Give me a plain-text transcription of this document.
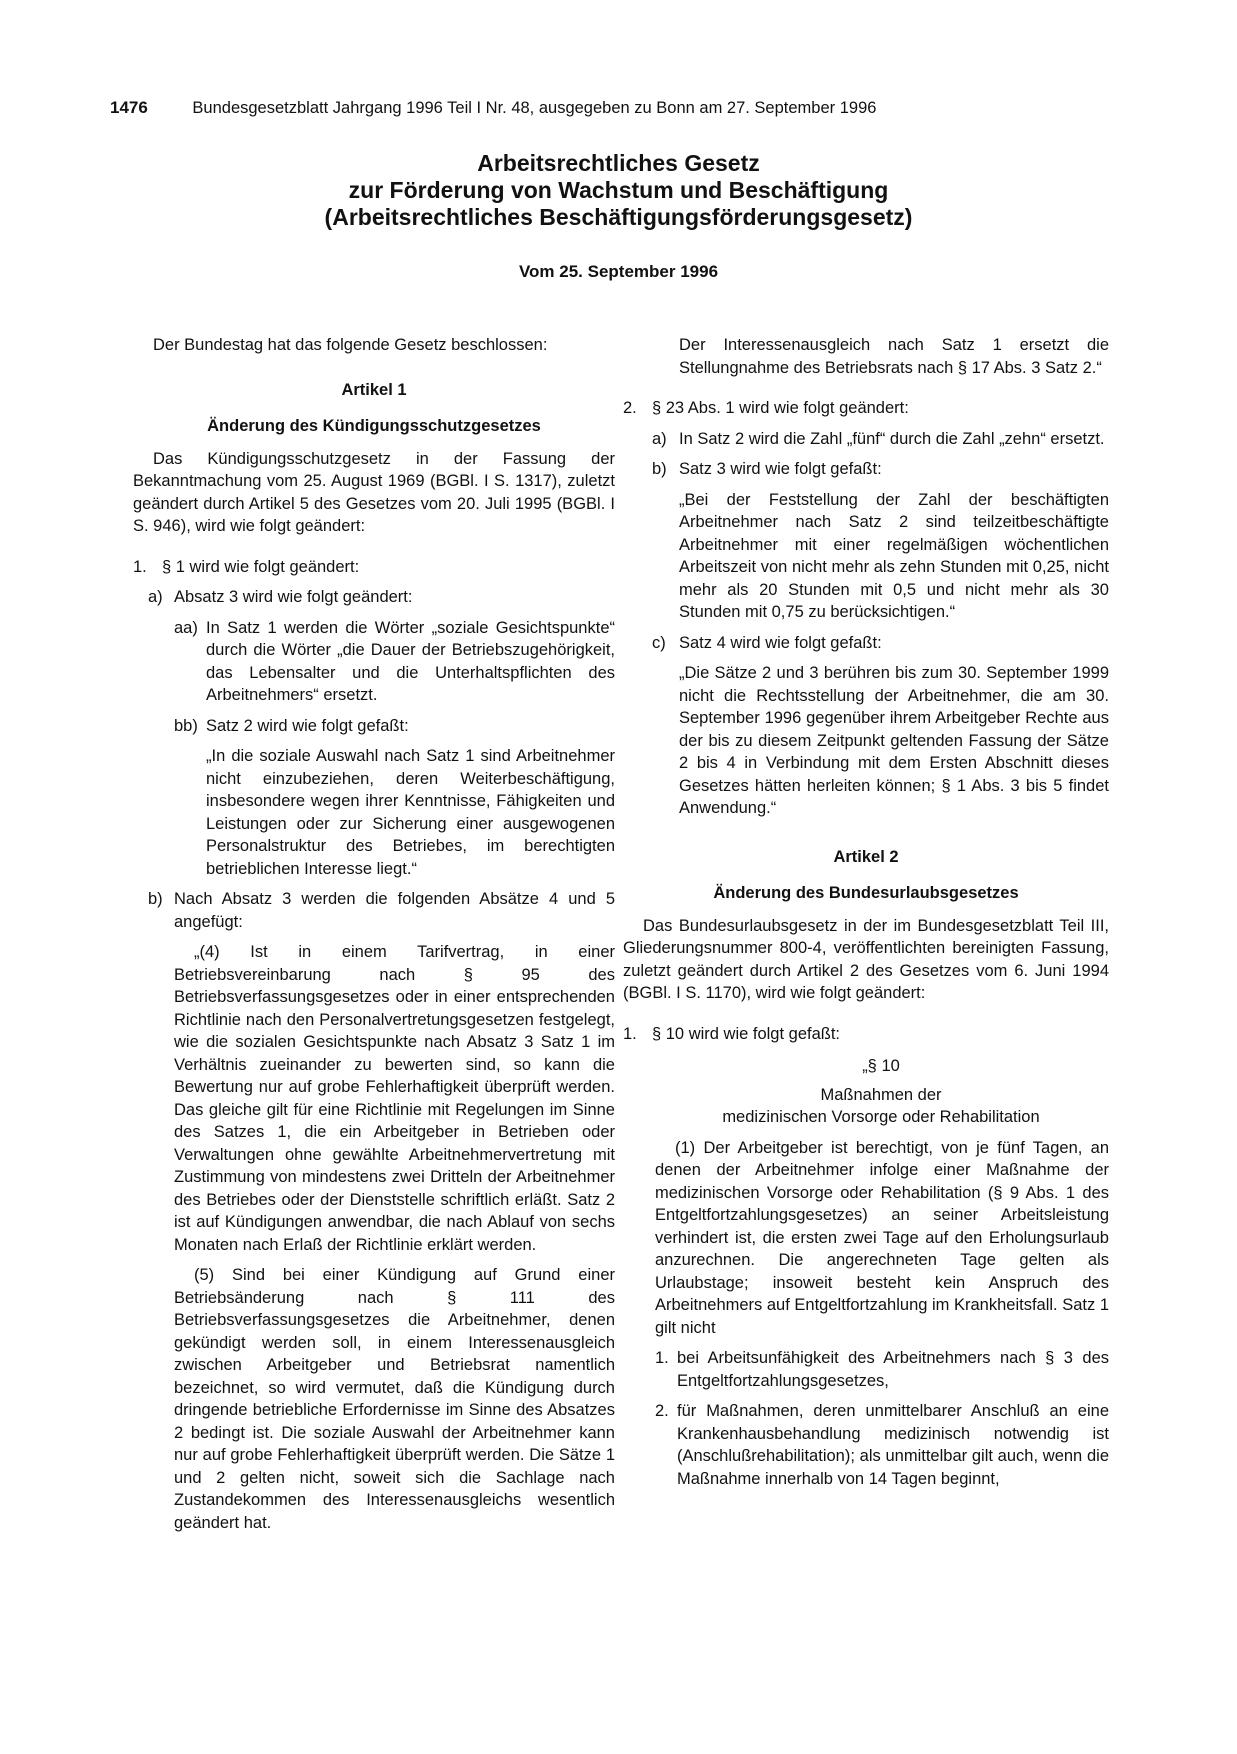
1476	Bundesgesetzblatt Jahrgang 1996 Teil I Nr. 48, ausgegeben zu Bonn am 27. September 1996
Arbeitsrechtliches Gesetz
zur Förderung von Wachstum und Beschäftigung
(Arbeitsrechtliches Beschäftigungsförderungsgesetz)
Vom 25. September 1996

Der Bundestag hat das folgende Gesetz beschlossen:

Artikel 1

Änderung des Kündigungsschutzgesetzes

Das Kündigungsschutzgesetz in der Fassung der Bekanntmachung vom 25. August 1969 (BGBl. I S. 1317), zuletzt geändert durch Artikel 5 des Gesetzes vom 20. Juli 1995 (BGBl. I S. 946), wird wie folgt geändert:

1. § 1 wird wie folgt geändert:
a) Absatz 3 wird wie folgt geändert:
aa) In Satz 1 werden die Wörter „soziale Gesichtspunkte“ durch die Wörter „die Dauer der Betriebszugehörigkeit, das Lebensalter und die Unterhaltspflichten des Arbeitnehmers“ ersetzt.
bb) Satz 2 wird wie folgt gefaßt:

„In die soziale Auswahl nach Satz 1 sind Arbeitnehmer nicht einzubeziehen, deren Weiterbeschäftigung, insbesondere wegen ihrer Kenntnisse, Fähigkeiten und Leistungen oder zur Sicherung einer ausgewogenen Personalstruktur des Betriebes, im berechtigten betrieblichen Interesse liegt.“

b) Nach Absatz 3 werden die folgenden Absätze 4 und 5 angefügt:

„(4) Ist in einem Tarifvertrag, in einer Betriebsvereinbarung nach § 95 des Betriebsverfassungsgesetzes oder in einer entsprechenden Richtlinie nach den Personalvertretungsgesetzen festgelegt, wie die sozialen Gesichtspunkte nach Absatz 3 Satz 1 im Verhältnis zueinander zu bewerten sind, so kann die Bewertung nur auf grobe Fehlerhaftigkeit überprüft werden. Das gleiche gilt für eine Richtlinie mit Regelungen im Sinne des Satzes 1, die ein Arbeitgeber in Betrieben oder Verwaltungen ohne gewählte Arbeitnehmervertretung mit Zustimmung von mindestens zwei Dritteln der Arbeitnehmer des Betriebes oder der Dienststelle schriftlich erläßt. Satz 2 ist auf Kündigungen anwendbar, die nach Ablauf von sechs Monaten nach Erlaß der Richtlinie erklärt werden.

(5) Sind bei einer Kündigung auf Grund einer Betriebsänderung nach § 111 des Betriebsverfassungsgesetzes die Arbeitnehmer, denen gekündigt werden soll, in einem Interessenausgleich zwischen Arbeitgeber und Betriebsrat namentlich bezeichnet, so wird vermutet, daß die Kündigung durch dringende betriebliche Erfordernisse im Sinne des Absatzes 2 bedingt ist. Die soziale Auswahl der Arbeitnehmer kann nur auf grobe Fehlerhaftigkeit überprüft werden. Die Sätze 1 und 2 gelten nicht, soweit sich die Sachlage nach Zustandekommen des Interessenausgleichs wesentlich geändert hat.

Der Interessenausgleich nach Satz 1 ersetzt die Stellungnahme des Betriebsrats nach § 17 Abs. 3 Satz 2.“

2. § 23 Abs. 1 wird wie folgt geändert:
a) In Satz 2 wird die Zahl „fünf“ durch die Zahl „zehn“ ersetzt.
b) Satz 3 wird wie folgt gefaßt:

„Bei der Feststellung der Zahl der beschäftigten Arbeitnehmer nach Satz 2 sind teilzeitbeschäftigte Arbeitnehmer mit einer regelmäßigen wöchentlichen Arbeitszeit von nicht mehr als zehn Stunden mit 0,25, nicht mehr als 20 Stunden mit 0,5 und nicht mehr als 30 Stunden mit 0,75 zu berücksichtigen.“

c) Satz 4 wird wie folgt gefaßt:

„Die Sätze 2 und 3 berühren bis zum 30. September 1999 nicht die Rechtsstellung der Arbeitnehmer, die am 30. September 1996 gegenüber ihrem Arbeitgeber Rechte aus der bis zu diesem Zeitpunkt geltenden Fassung der Sätze 2 bis 4 in Verbindung mit dem Ersten Abschnitt dieses Gesetzes hätten herleiten können; § 1 Abs. 3 bis 5 findet Anwendung.“

Artikel 2

Änderung des Bundesurlaubsgesetzes

Das Bundesurlaubsgesetz in der im Bundesgesetzblatt Teil III, Gliederungsnummer 800-4, veröffentlichten bereinigten Fassung, zuletzt geändert durch Artikel 2 des Gesetzes vom 6. Juni 1994 (BGBl. I S. 1170), wird wie folgt geändert:

1. § 10 wird wie folgt gefaßt:

„§ 10

Maßnahmen der

medizinischen Vorsorge oder Rehabilitation

(1) Der Arbeitgeber ist berechtigt, von je fünf Tagen, an denen der Arbeitnehmer infolge einer Maßnahme der medizinischen Vorsorge oder Rehabilitation (§ 9 Abs. 1 des Entgeltfortzahlungsgesetzes) an seiner Arbeitsleistung verhindert ist, die ersten zwei Tage auf den Erholungsurlaub anzurechnen. Die angerechneten Tage gelten als Urlaubstage; insoweit besteht kein Anspruch des Arbeitnehmers auf Entgeltfortzahlung im Krankheitsfall. Satz 1 gilt nicht

1. bei Arbeitsunfähigkeit des Arbeitnehmers nach § 3 des Entgeltfortzahlungsgesetzes,
2. für Maßnahmen, deren unmittelbarer Anschluß an eine Krankenhausbehandlung medizinisch notwendig ist (Anschlußrehabilitation); als unmittelbar gilt auch, wenn die Maßnahme innerhalb von 14 Tagen beginnt,
